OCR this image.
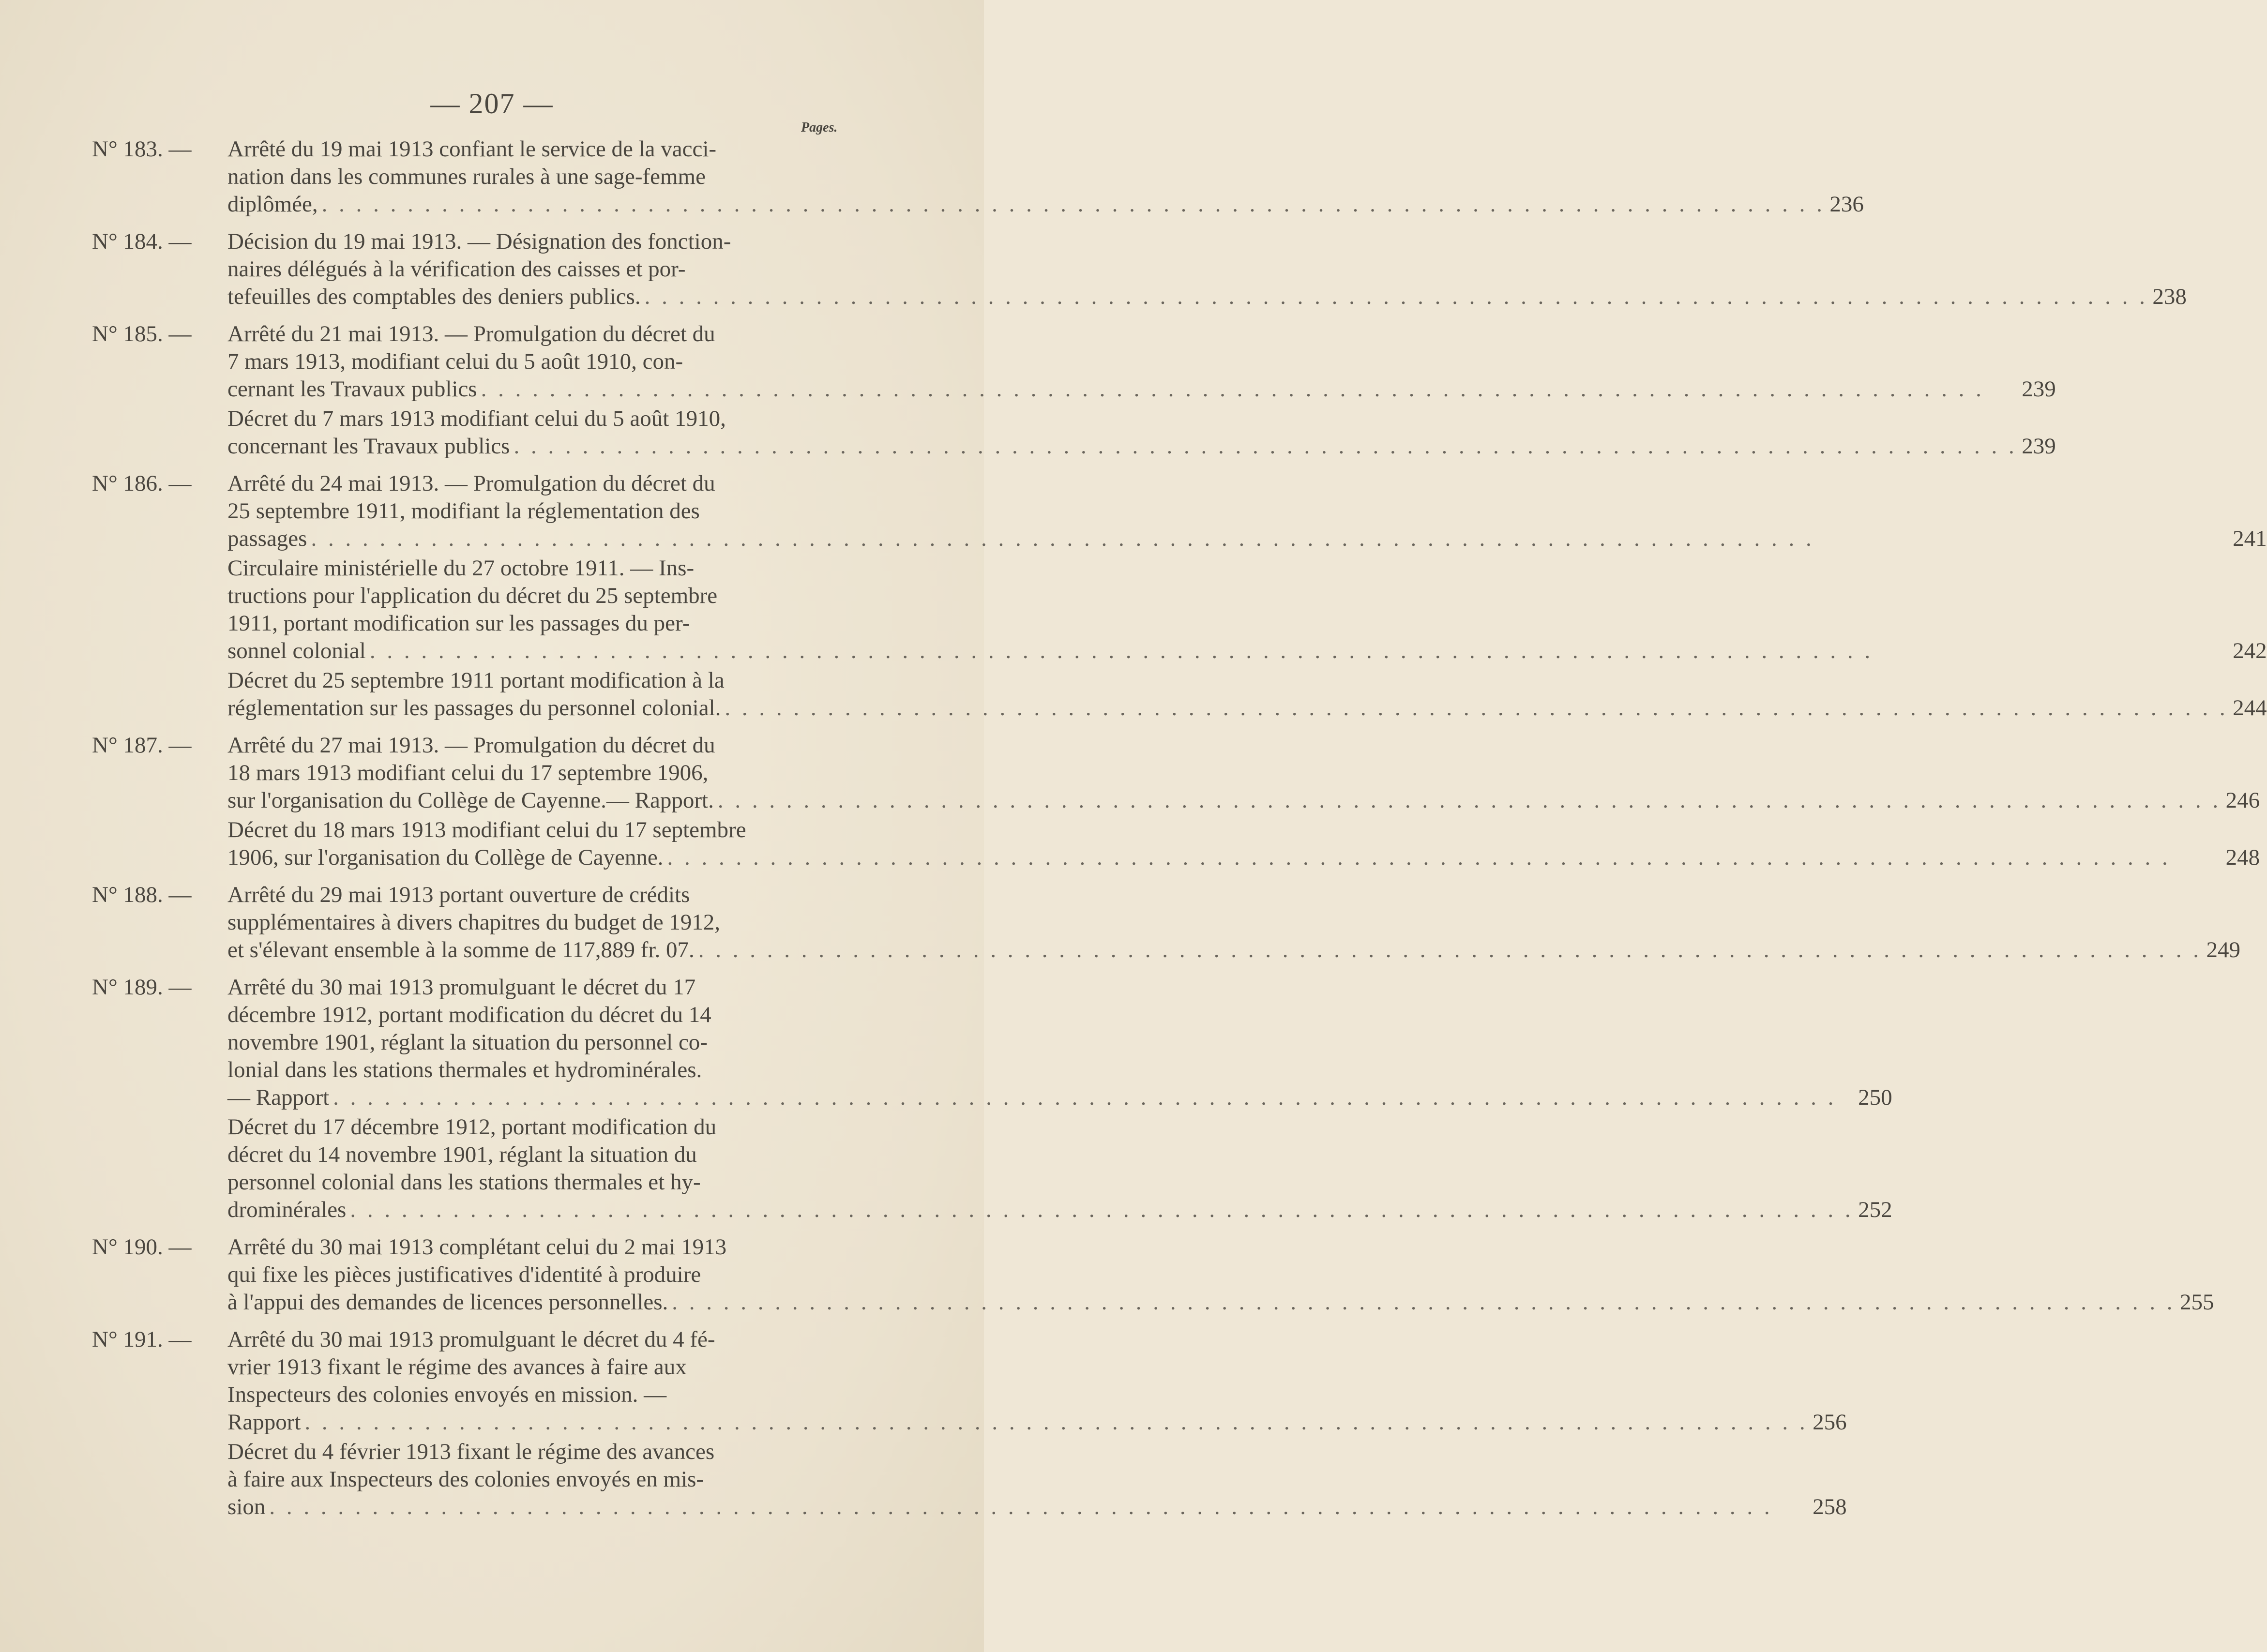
— 207 —
Pages.
N° 183. —	Arrêté du 19 mai 1913 confiant le service de la vacci-
nation dans les communes rurales à une sage-femme
diplômée, . . .	236
N° 184. —	Décision du 19 mai 1913. — Désignation des fonction-
naires délégués à la vérification des caisses et por-
tefeuilles des comptables des deniers publics. . . .	238
N° 185. —	Arrêté du 21 mai 1913. — Promulgation du décret du
7 mars 1913, modifiant celui du 5 août 1910, con-
cernant les Travaux publics . . .	239
Décret du 7 mars 1913 modifiant celui du 5 août 1910,
concernant les Travaux publics . . .	239
N° 186. —	Arrêté du 24 mai 1913. — Promulgation du décret du
25 septembre 1911, modifiant la réglementation des
passages . . .	241
Circulaire ministérielle du 27 octobre 1911. — Ins-
tructions pour l'application du décret du 25 septembre
1911, portant modification sur les passages du per-
sonnel colonial . . .	242
Décret du 25 septembre 1911 portant modification à la
réglementation sur les passages du personnel colonial. . . .	244
N° 187. —	Arrêté du 27 mai 1913. — Promulgation du décret du
18 mars 1913 modifiant celui du 17 septembre 1906,
sur l'organisation du Collège de Cayenne.— Rapport. . . .	246
Décret du 18 mars 1913 modifiant celui du 17 septembre
1906, sur l'organisation du Collège de Cayenne. . . .	248
N° 188. —	Arrêté du 29 mai 1913 portant ouverture de crédits
supplémentaires à divers chapitres du budget de 1912,
et s'élevant ensemble à la somme de 117,889 fr. 07. . . .	249
N° 189. —	Arrêté du 30 mai 1913 promulguant le décret du 17
décembre 1912, portant modification du décret du 14
novembre 1901, réglant la situation du personnel co-
lonial dans les stations thermales et hydrominérales.
— Rapport . . .	250
Décret du 17 décembre 1912, portant modification du
décret du 14 novembre 1901, réglant la situation du
personnel colonial dans les stations thermales et hy-
drominérales . . .	252
N° 190. —	Arrêté du 30 mai 1913 complétant celui du 2 mai 1913
qui fixe les pièces justificatives d'identité à produire
à l'appui des demandes de licences personnelles. . . .	255
N° 191. —	Arrêté du 30 mai 1913 promulguant le décret du 4 fé-
vrier 1913 fixant le régime des avances à faire aux
Inspecteurs des colonies envoyés en mission. —
Rapport . . .	256
Décret du 4 février 1913 fixant le régime des avances
à faire aux Inspecteurs des colonies envoyés en mis-
sion . . .	258
